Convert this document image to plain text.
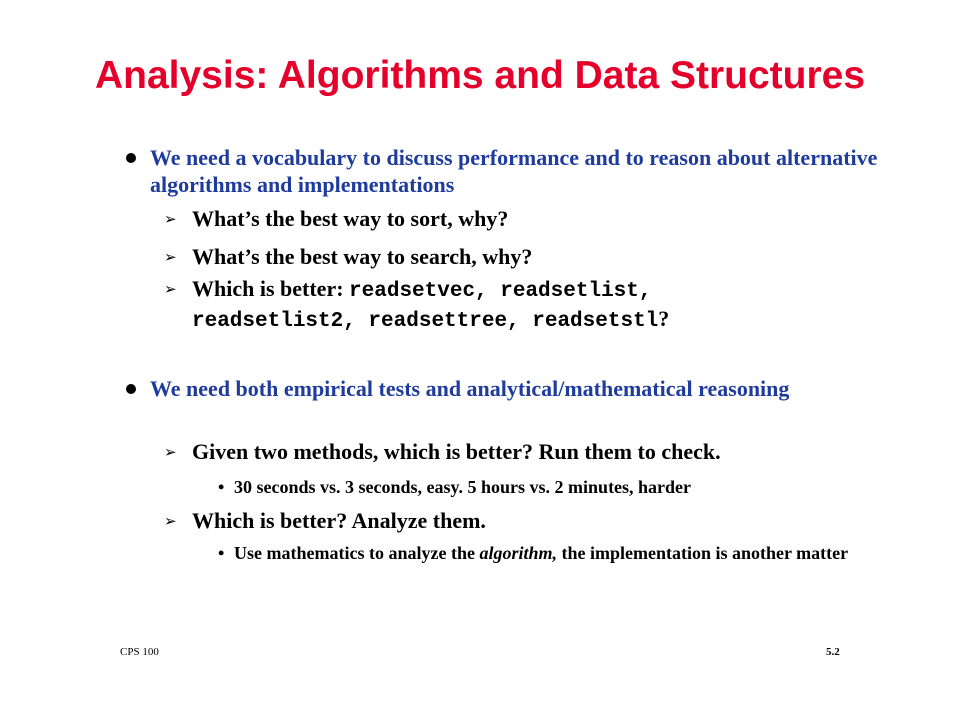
Analysis: Algorithms and Data Structures
We need a vocabulary to discuss performance and to reason about alternative algorithms and implementations
➢ What’s the best way to sort, why?
➢ What’s the best way to search, why?
➢ Which is better: readsetvec, readsetlist,
readsetlist2, readsettree, readsetstl?
We need both empirical tests and analytical/mathematical reasoning
➢ Given two methods, which is better? Run them to check.
• 30 seconds vs. 3 seconds, easy. 5 hours vs. 2 minutes, harder
➢ Which is better? Analyze them.
• Use mathematics to analyze the algorithm, the implementation is another matter
CPS 100	5.2
